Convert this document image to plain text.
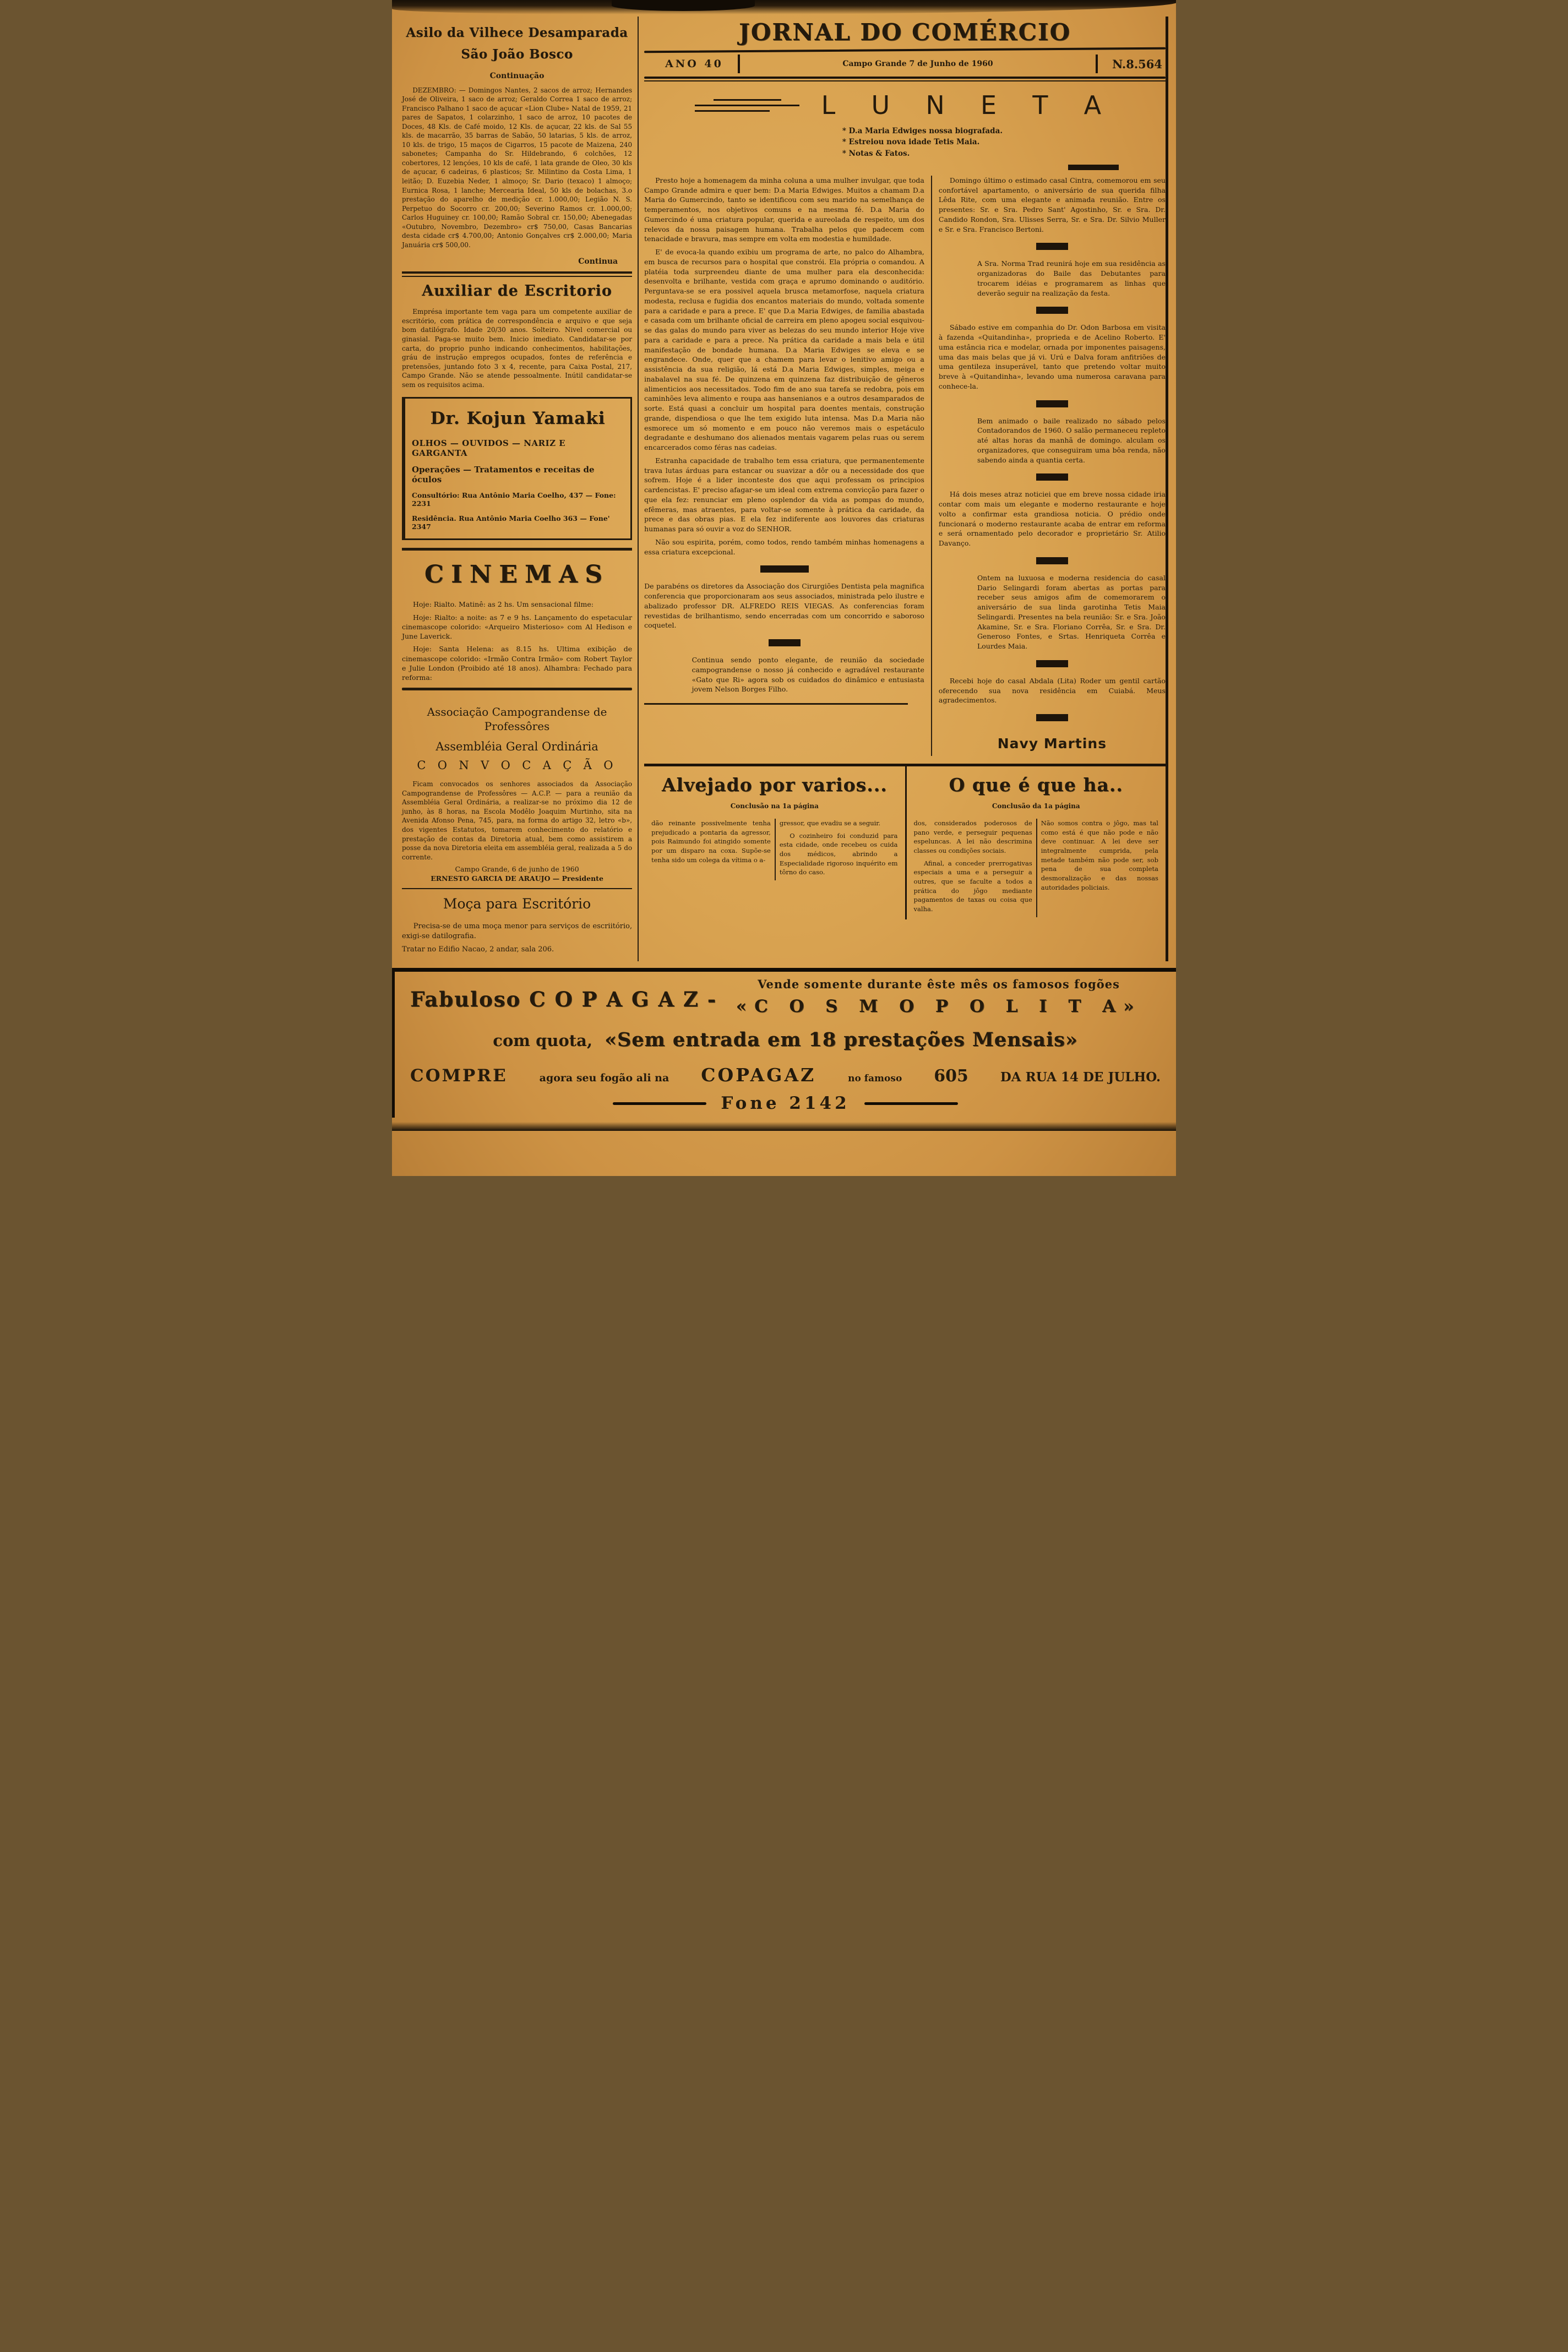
Asilo da Vilhece Desamparada
São João Bosco
Continuação

DEZEMBRO: — Domingos Nantes, 2 sacos de arroz; Hernandes José de Oliveira, 1 saco de arroz; Geraldo Correa 1 saco de arroz; Francisco Palhano 1 saco de açucar «Lion Clube» Natal de 1959, 21 pares de Sapatos, 1 colarzinho, 1 saco de arroz, 10 pacotes de Doces, 48 Kls. de Café moido, 12 Kls. de açucar, 22 kls. de Sal 55 kls. de macarrão, 35 barras de Sabão, 50 latarias, 5 kls. de arroz, 10 kls. de trigo, 15 maços de Cigarros, 15 pacote de Maizena, 240 sabonetes; Campanha do Sr. Hildebrando, 6 colchões, 12 cobertores, 12 lençóes, 10 kls de café, 1 lata grande de Oleo, 30 kls de açucar, 6 cadeiras, 6 plasticos; Sr. Milintino da Costa Lima, 1 leitão; D. Euzebia Neder, 1 almoço; Sr. Dario (texaco) 1 almoço; Eurnica Rosa, 1 lanche; Mercearia Ideal, 50 kls de bolachas, 3.o prestação do aparelho de medição cr. 1.000,00; Legião N. S. Perpetuo do Socorro cr. 200,00; Severino Ramos cr. 1.000,00; Carlos Huguiney cr. 100,00; Ramão Sobral cr. 150,00; Abenegadas «Outubro, Novembro, Dezembro» cr$ 750,00, Casas Bancarias desta cidade cr$ 4.700,00; Antonio Gonçalves cr$ 2.000,00; Maria Januária cr$ 500,00.

Continua
Auxiliar de Escritorio

Emprésa importante tem vaga para um competente auxiliar de escritório, com prática de correspondência e arquivo e que seja bom datilógrafo. Idade 20/30 anos. Solteiro. Nivel comercial ou ginasial. Paga-se muito bem. Inicio imediato. Candidatar-se por carta, do proprio punho indicando conhecimentos, habilitações, gráu de instrução empregos ocupados, fontes de referência e pretensões, juntando foto 3 x 4, recente, para Caixa Postal, 217, Campo Grande. Não se atende pessoalmente. Inútil candidatar-se sem os requisitos acima.

Dr. Kojun Yamaki
OLHOS — OUVIDOS — NARIZ E GARGANTA
Operações — Tratamentos e receitas de óculos
Consultório: Rua Antônio Maria Coelho, 437 — Fone: 2231
Residência. Rua Antônio Maria Coelho 363 — Fone' 2347
CINEMAS

Hoje: Rialto. Matinê: as 2 hs. Um sensacional filme:

Hoje: Rialto: a noite: as 7 e 9 hs. Lançamento do espetacular cinemascope colorido: «Arqueiro Misterioso» com Al Hedison e June Laverick.

Hoje: Santa Helena: as 8.15 hs. Ultima exibição de cinemascope colorido: «Irmão Contra Irmão» com Robert Taylor e Julie London (Proibido até 18 anos). Alhambra: Fechado para reforma:

Associação Campograndense de Professôres
Assembléia Geral Ordinária
C O N V O C A Ç Ã O

Ficam convocados os senhores associados da Associação Campograndense de Professôres — A.C.P. — para a reunião da Assembléia Geral Ordinária, a realizar-se no próximo dia 12 de junho, às 8 horas, na Escola Modêlo Joaquim Murtinho, sita na Avenida Afonso Pena, 745, para, na forma do artigo 32, letro «b», dos vigentes Estatutos, tomarem conhecimento do relatório e prestação de contas da Diretoria atual, bem como assistirem a posse da nova Diretoria eleita em assembléia geral, realizada a 5 do corrente.

Campo Grande, 6 de junho de 1960
ERNESTO GARCIA DE ARAUJO — Presidente
Moça para Escritório

Precisa-se de uma moça menor para serviços de escriitório, exigi-se datilografia.

Tratar no Edifio Nacao, 2 andar, sala 206.

JORNAL DO COMÉRCIO
ANO 40	Campo Grande 7 de Junho de 1960	N.8.564
L U N E T A
* D.a Maria Edwiges nossa biografada.
* Estreiou nova idade Tetis Maia.
* Notas & Fatos.

Presto hoje a homenagem da minha coluna a uma mulher invulgar, que toda Campo Grande admira e quer bem: D.a Maria Edwiges. Muitos a chamam D.a Maria do Gumercindo, tanto se identificou com seu marido na semelhança de temperamentos, nos objetivos comuns e na mesma fé. D.a Maria do Gumercindo é uma criatura popular, querida e aureolada de respeito, um dos relevos da nossa paisagem humana. Trabalha pelos que padecem com tenacidade e bravura, mas sempre em volta em modestia e humildade.

E' de evoca-la quando exibiu um programa de arte, no palco do Alhambra, em busca de recursos para o hospital que constrói. Ela própria o comandou. A platéia toda surpreendeu diante de uma mulher para ela desconhecida: desenvolta e brilhante, vestida com graça e aprumo dominando o auditório. Perguntava-se se era possivel aquela brusca metamorfose, naquela criatura modesta, reclusa e fugidia dos encantos materiais do mundo, voltada somente para a caridade e para a prece. E' que D.a Maria Edwiges, de familia abastada e casada com um brilhante oficial de carreira em pleno apogeu social esquivou-se das galas do mundo para viver as belezas do seu mundo interior Hoje vive para a caridade e para a prece. Na prática da caridade a mais bela e útil manifestação de bondade humana. D.a Maria Edwiges se eleva e se engrandece. Onde, quer que a chamem para levar o lenitivo amigo ou a assistência da sua religião, lá está D.a Maria Edwiges, simples, meiga e inabalavel na sua fé. De quinzena em quinzena faz distribuição de gêneros alimenticios aos necessitados. Todo fim de ano sua tarefa se redobra, pois em caminhões leva alimento e roupa aas hansenianos e a outros desamparados de sorte. Está quasi a concluir um hospital para doentes mentais, construção grande, dispendiosa o que lhe tem exigido luta intensa. Mas D.a Maria não esmorece um só momento e em pouco não veremos mais o espetáculo degradante e deshumano dos alienados mentais vagarem pelas ruas ou serem encarcerados como féras nas cadeias.

Estranha capacidade de trabalho tem essa criatura, que permanentemente trava lutas árduas para estancar ou suavizar a dôr ou a necessidade dos que sofrem. Hoje é a lider inconteste dos que aqui professam os principios cardencistas. E' preciso afagar-se um ideal com extrema convicção para fazer o que ela fez: renunciar em pleno osplendor da vida as pompas do mundo, efêmeras, mas atraentes, para voltar-se somente à prática da caridade, da prece e das obras pias. E ela fez indiferente aos louvores das criaturas humanas para só ouvir a voz do SENHOR.

Não sou espirita, porém, como todos, rendo também minhas homenagens a essa criatura excepcional.

De parabéns os diretores da Associação dos Cirurgiões Dentista pela magnifica conferencia que proporcionaram aos seus associados, ministrada pelo ilustre e abalizado professor DR. ALFREDO REIS VIEGAS. As conferencias foram revestidas de brilhantismo, sendo encerradas com um concorrido e saboroso coquetel.

Continua sendo ponto elegante, de reunião da sociedade campograndense o nosso já conhecido e agradável restaurante «Gato que Ri» agora sob os cuidados do dinâmico e entusiasta jovem Nelson Borges Filho.

Domingo último o estimado casal Cintra, comemorou em seu confortável apartamento, o aniversário de sua querida filha Lêda Rite, com uma elegante e animada reunião. Entre os presentes: Sr. e Sra. Pedro Sant' Agostinho, Sr. e Sra. Dr. Candido Rondon, Sra. Ulisses Serra, Sr. e Sra. Dr. Silvio Muller e Sr. e Sra. Francisco Bertoni.

A Sra. Norma Trad reunirá hoje em sua residência as organizadoras do Baile das Debutantes para trocarem idéias e programarem as linhas que deverão seguir na realização da festa.

Sábado estive em companhia do Dr. Odon Barbosa em visita à fazenda «Quitandinha», proprieda e de Acelino Roberto. E' uma estância rica e modelar, ornada por imponentes paisagens, uma das mais belas que já vi. Urú e Dalva foram anfitriões de uma gentileza insuperável, tanto que pretendo voltar muito breve à «Quitandinha», levando uma numerosa caravana para conhece-la.

Bem animado o baile realizado no sábado pelos Contadorandos de 1960. O salão permaneceu repleto até altas horas da manhã de domingo. alculam os organizadores, que conseguiram uma bôa renda, não sabendo ainda a quantia certa.

Há dois meses atraz noticiei que em breve nossa cidade iria contar com mais um elegante e moderno restaurante e hoje volto a confirmar esta grandiosa noticia. O prédio onde funcionará o moderno restaurante acaba de entrar em reforma e será ornamentado pelo decorador e proprietário Sr. Atilio Davanço.

Ontem na luxuosa e moderna residencia do casal Dario Selingardi foram abertas as portas para receber seus amigos afim de comemorarem o aniversário de sua linda garotinha Tetis Maia Selingardi. Presentes na bela reunião: Sr. e Sra. João Akamine, Sr. e Sra. Floriano Corrêa, Sr. e Sra. Dr. Generoso Fontes, e Srtas. Henriqueta Corrêa e Lourdes Maia.

Recebi hoje do casal Abdala (Lita) Roder um gentil cartão oferecendo sua nova residência em Cuiabá. Meus agradecimentos.

Navy Martins
Alvejado por varios...
Conclusão na 1a página

dão reinante possivelmente tenha prejudicado a pontaria da agressor, pois Raimundo foi atingido somente por um disparo na coxa. Supõe-se tenha sido um colega da vítima o a-

gressor, que evadiu se a seguir.

O cozinheiro foi conduzid para esta cidade, onde recebeu os cuida dos médicos, abrindo a Especialidade rigoroso inquérito em tôrno do caso.

O que é que ha..
Conclusão da 1a página

dos, considerados poderosos de pano verde, e perseguir pequenas espeluncas. A lei não descrimina classes ou condições sociais.

Afinal, a conceder prerrogativas especiais a uma e a perseguir a outres, que se faculte a todos a prática do jôgo mediante pagamentos de taxas ou coisa que valha.

Não somos contra o jôgo, mas tal como está é que não pode e não deve continuar. A lei deve ser integralmente cumprida, pela metade também não pode ser, sob pena de sua completa desmoralização e das nossas autoridades policiais.

Fabuloso C O P A G A Z -
Vende somente durante êste mês os famosos fogões
«C O S M O P O L I T A»
com quota, «Sem entrada em 18 prestações Mensais»
COMPRE	agora seu fogão ali na COPAGAZ	no famoso 605	DA RUA 14 DE JULHO.
Fone 2142
